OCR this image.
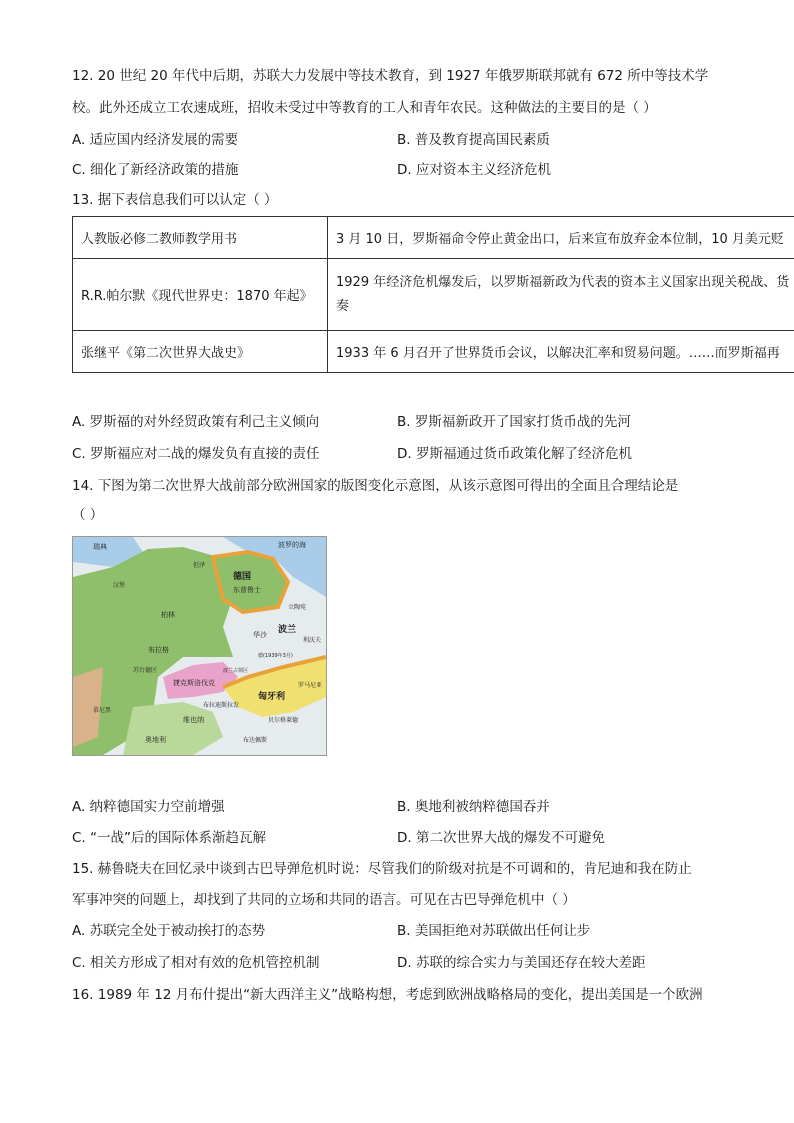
12. 20 世纪 20 年代中后期，苏联大力发展中等技术教育，到 1927 年俄罗斯联邦就有 672 所中等技术学
校。此外还成立工农速成班，招收未受过中等教育的工人和青年农民。这种做法的主要目的是（ ）
A. 适应国内经济发展的需要	B. 普及教育提高国民素质
C. 细化了新经济政策的措施	D. 应对资本主义经济危机
13. 据下表信息我们可以认定（ ）
人教版必修二教师教学用书	3 月 10 日，罗斯福命令停止黄金出口，后来宣布放弃金本位制，10 月美元贬
R.R.帕尔默《现代世界史：1870 年起》	1929 年经济危机爆发后，以罗斯福新政为代表的资本主义国家出现关税战、货
奏

张继平《第二次世界大战史》	1933 年 6 月召开了世界货币会议，以解决汇率和贸易问题。……而罗斯福再
A. 罗斯福的对外经贸政策有利己主义倾向	B. 罗斯福新政开了国家打货币战的先河
C. 罗斯福应对二战的爆发负有直接的责任	D. 罗斯福通过货币政策化解了经济危机
14. 下图为第二次世界大战前部分欧洲国家的版图变化示意图，从该示意图可得出的全面且合理结论是
（ ）
瑞典	波罗的海
德国
东普鲁士
立陶宛
柏林
华沙 波兰
布拉格
捷克斯洛伐克
维也纳
匈牙利
罗马尼亚
奥地利
汉堡
但泽
苏台德区
布拉迪斯拉发
慕尼黑
布达佩斯
贝尔格莱德
德(1939年3月)
波兰占领区
利沃夫
A. 纳粹德国实力空前增强	B. 奥地利被纳粹德国吞并
C. “一战”后的国际体系渐趋瓦解	D. 第二次世界大战的爆发不可避免
15. 赫鲁晓夫在回忆录中谈到古巴导弹危机时说：尽管我们的阶级对抗是不可调和的，肯尼迪和我在防止
军事冲突的问题上，却找到了共同的立场和共同的语言。可见在古巴导弹危机中（ ）
A. 苏联完全处于被动挨打的态势	B. 美国拒绝对苏联做出任何让步
C. 相关方形成了相对有效的危机管控机制	D. 苏联的综合实力与美国还存在较大差距
16. 1989 年 12 月布什提出“新大西洋主义”战略构想，考虑到欧洲战略格局的变化，提出美国是一个欧洲
